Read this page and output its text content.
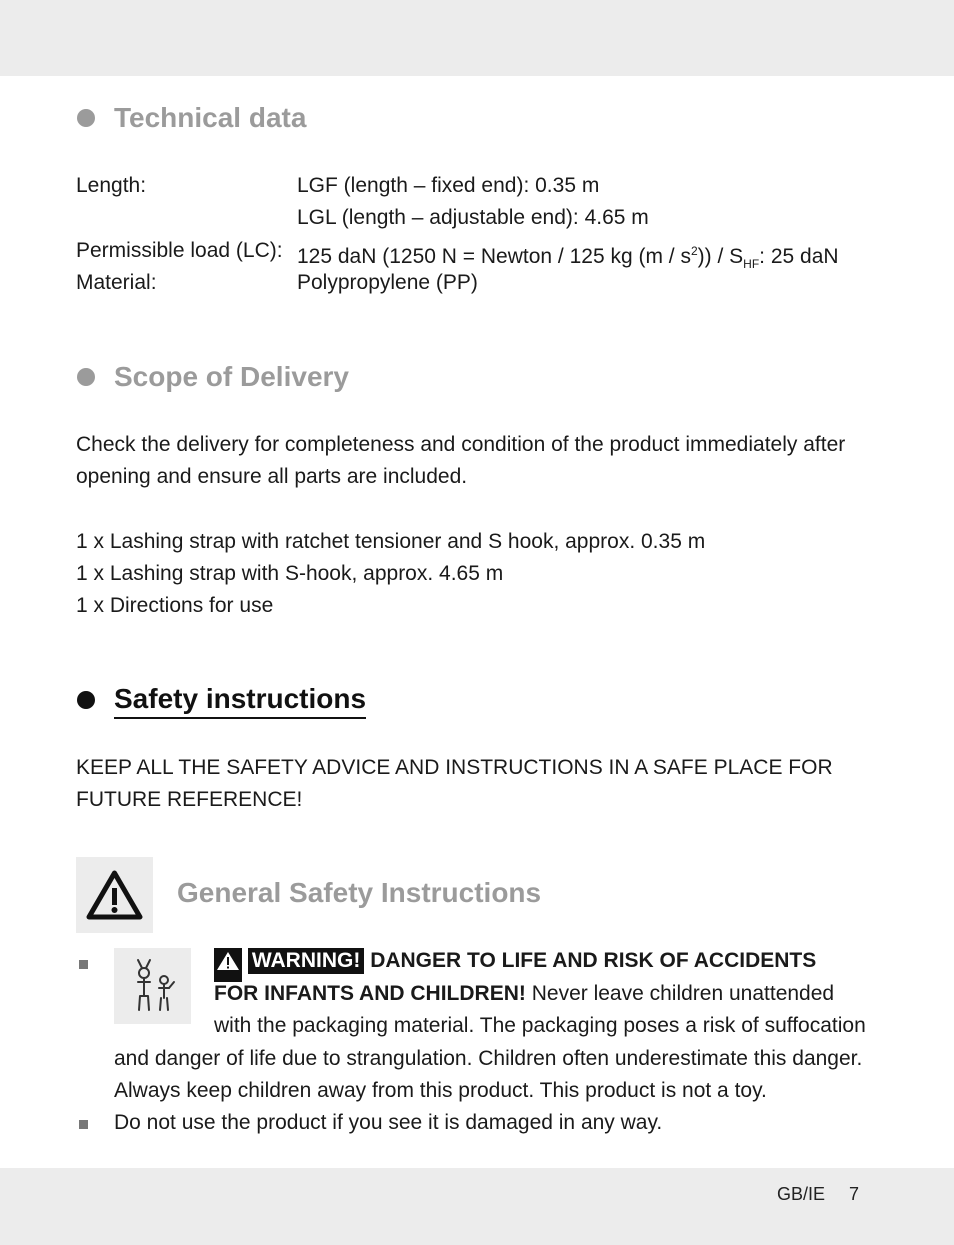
Technical data
Length:	LGF (length – fixed end): 0.35 m
LGL (length – adjustable end): 4.65 m
Permissible load (LC): 125 daN (1250 N = Newton / 125 kg $(m / s^2)) / S_{HF}$: 25 daN
Material:	Polypropylene (PP)
Scope of Delivery
Check the delivery for completeness and condition of the product immediately after
opening and ensure all parts are included.
1 x Lashing strap with ratchet tensioner and S hook, approx. 0.35 m
1 x Lashing strap with S-hook, approx. 4.65 m
1 x Directions for use
Safety instructions
KEEP ALL THE SAFETY ADVICE AND INSTRUCTIONS IN A SAFE PLACE FOR
FUTURE REFERENCE!
General Safety Instructions
WARNING! DANGER TO LIFE AND RISK OF ACCIDENTS
FOR INFANTS AND CHILDREN! Never leave children unattended
with the packaging material. The packaging poses a risk of suffocation
and danger of life due to strangulation. Children often underestimate this danger.
Always keep children away from this product. This product is not a toy.
Do not use the product if you see it is damaged in any way.
GB/IE 7
